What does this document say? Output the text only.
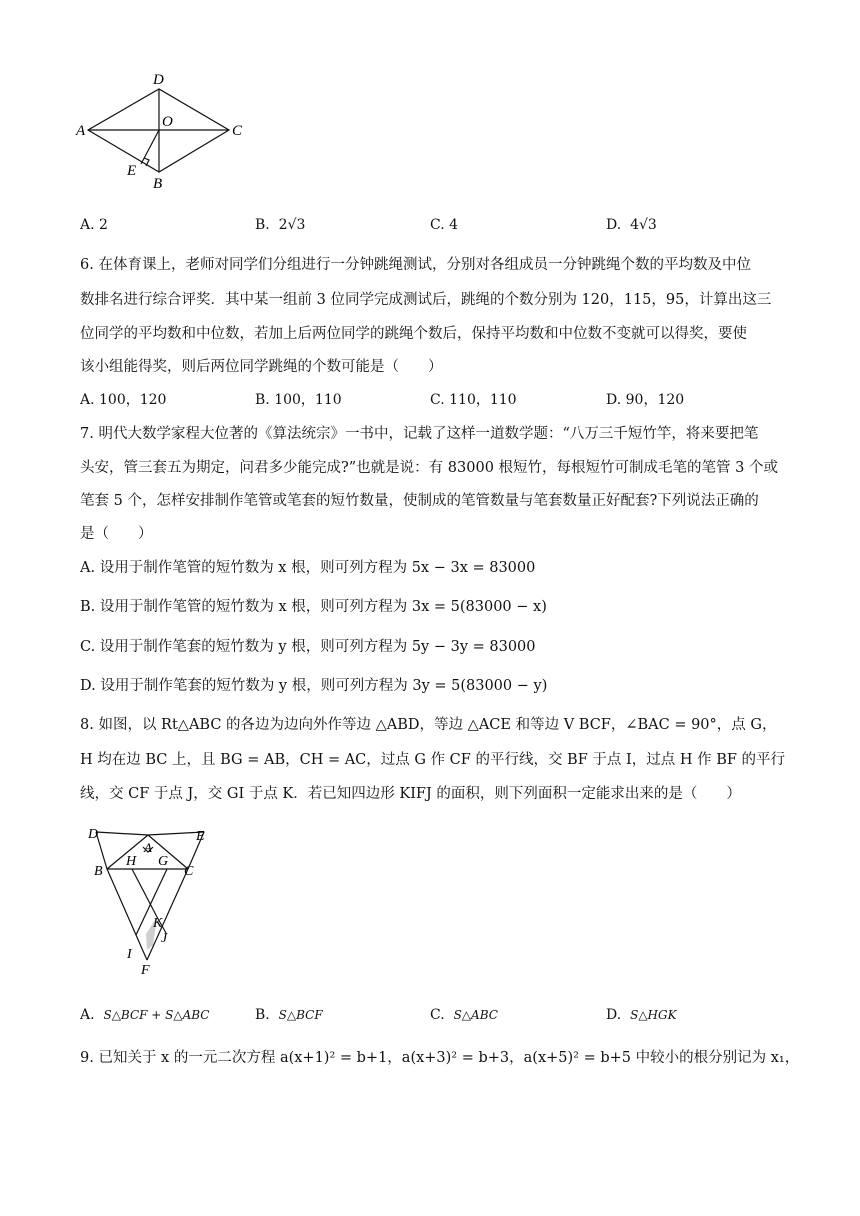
D
A
O
C
E
B
A. 2	B. 2√3	C. 4	D. 4√3
6. 在体育课上，老师对同学们分组进行一分钟跳绳测试，分别对各组成员一分钟跳绳个数的平均数及中位
数排名进行综合评奖．其中某一组前 3 位同学完成测试后，跳绳的个数分别为 120，115，95，计算出这三
位同学的平均数和中位数，若加上后两位同学的跳绳个数后，保持平均数和中位数不变就可以得奖，要使
该小组能得奖，则后两位同学跳绳的个数可能是（　　）
A. 100，120	B. 100，110	C. 110，110	D. 90，120
7. 明代大数学家程大位著的《算法统宗》一书中，记载了这样一道数学题：“八万三千短竹竿，将来要把笔
头安，管三套五为期定，问君多少能完成?”也就是说：有 83000 根短竹，每根短竹可制成毛笔的笔管 3 个或
笔套 5 个，怎样安排制作笔管或笔套的短竹数量，使制成的笔管数量与笔套数量正好配套?下列说法正确的
是（　　）
A. 设用于制作笔管的短竹数为 x 根，则可列方程为 5x − 3x = 83000
B. 设用于制作笔管的短竹数为 x 根，则可列方程为 3x = 5(83000 − x)
C. 设用于制作笔套的短竹数为 y 根，则可列方程为 5y − 3y = 83000
D. 设用于制作笔套的短竹数为 y 根，则可列方程为 3y = 5(83000 − y)
8. 如图，以 Rt△ABC 的各边为边向外作等边 △ABD，等边 △ACE 和等边 V BCF，∠BAC = 90°，点 G，
H 均在边 BC 上，且 BG = AB，CH = AC，过点 G 作 CF 的平行线，交 BF 于点 I，过点 H 作 BF 的平行
线，交 CF 于点 J，交 GI 于点 K．若已知四边形 KIFJ 的面积，则下列面积一定能求出来的是（　　）
D	E
A
B	C
H G
K
J
I
F
A. S△BCF + S△ABC	B. S△BCF	C. S△ABC	D. S△HGK
9. 已知关于 x 的一元二次方程 a(x+1)² = b+1，a(x+3)² = b+3，a(x+5)² = b+5 中较小的根分别记为 x₁，
